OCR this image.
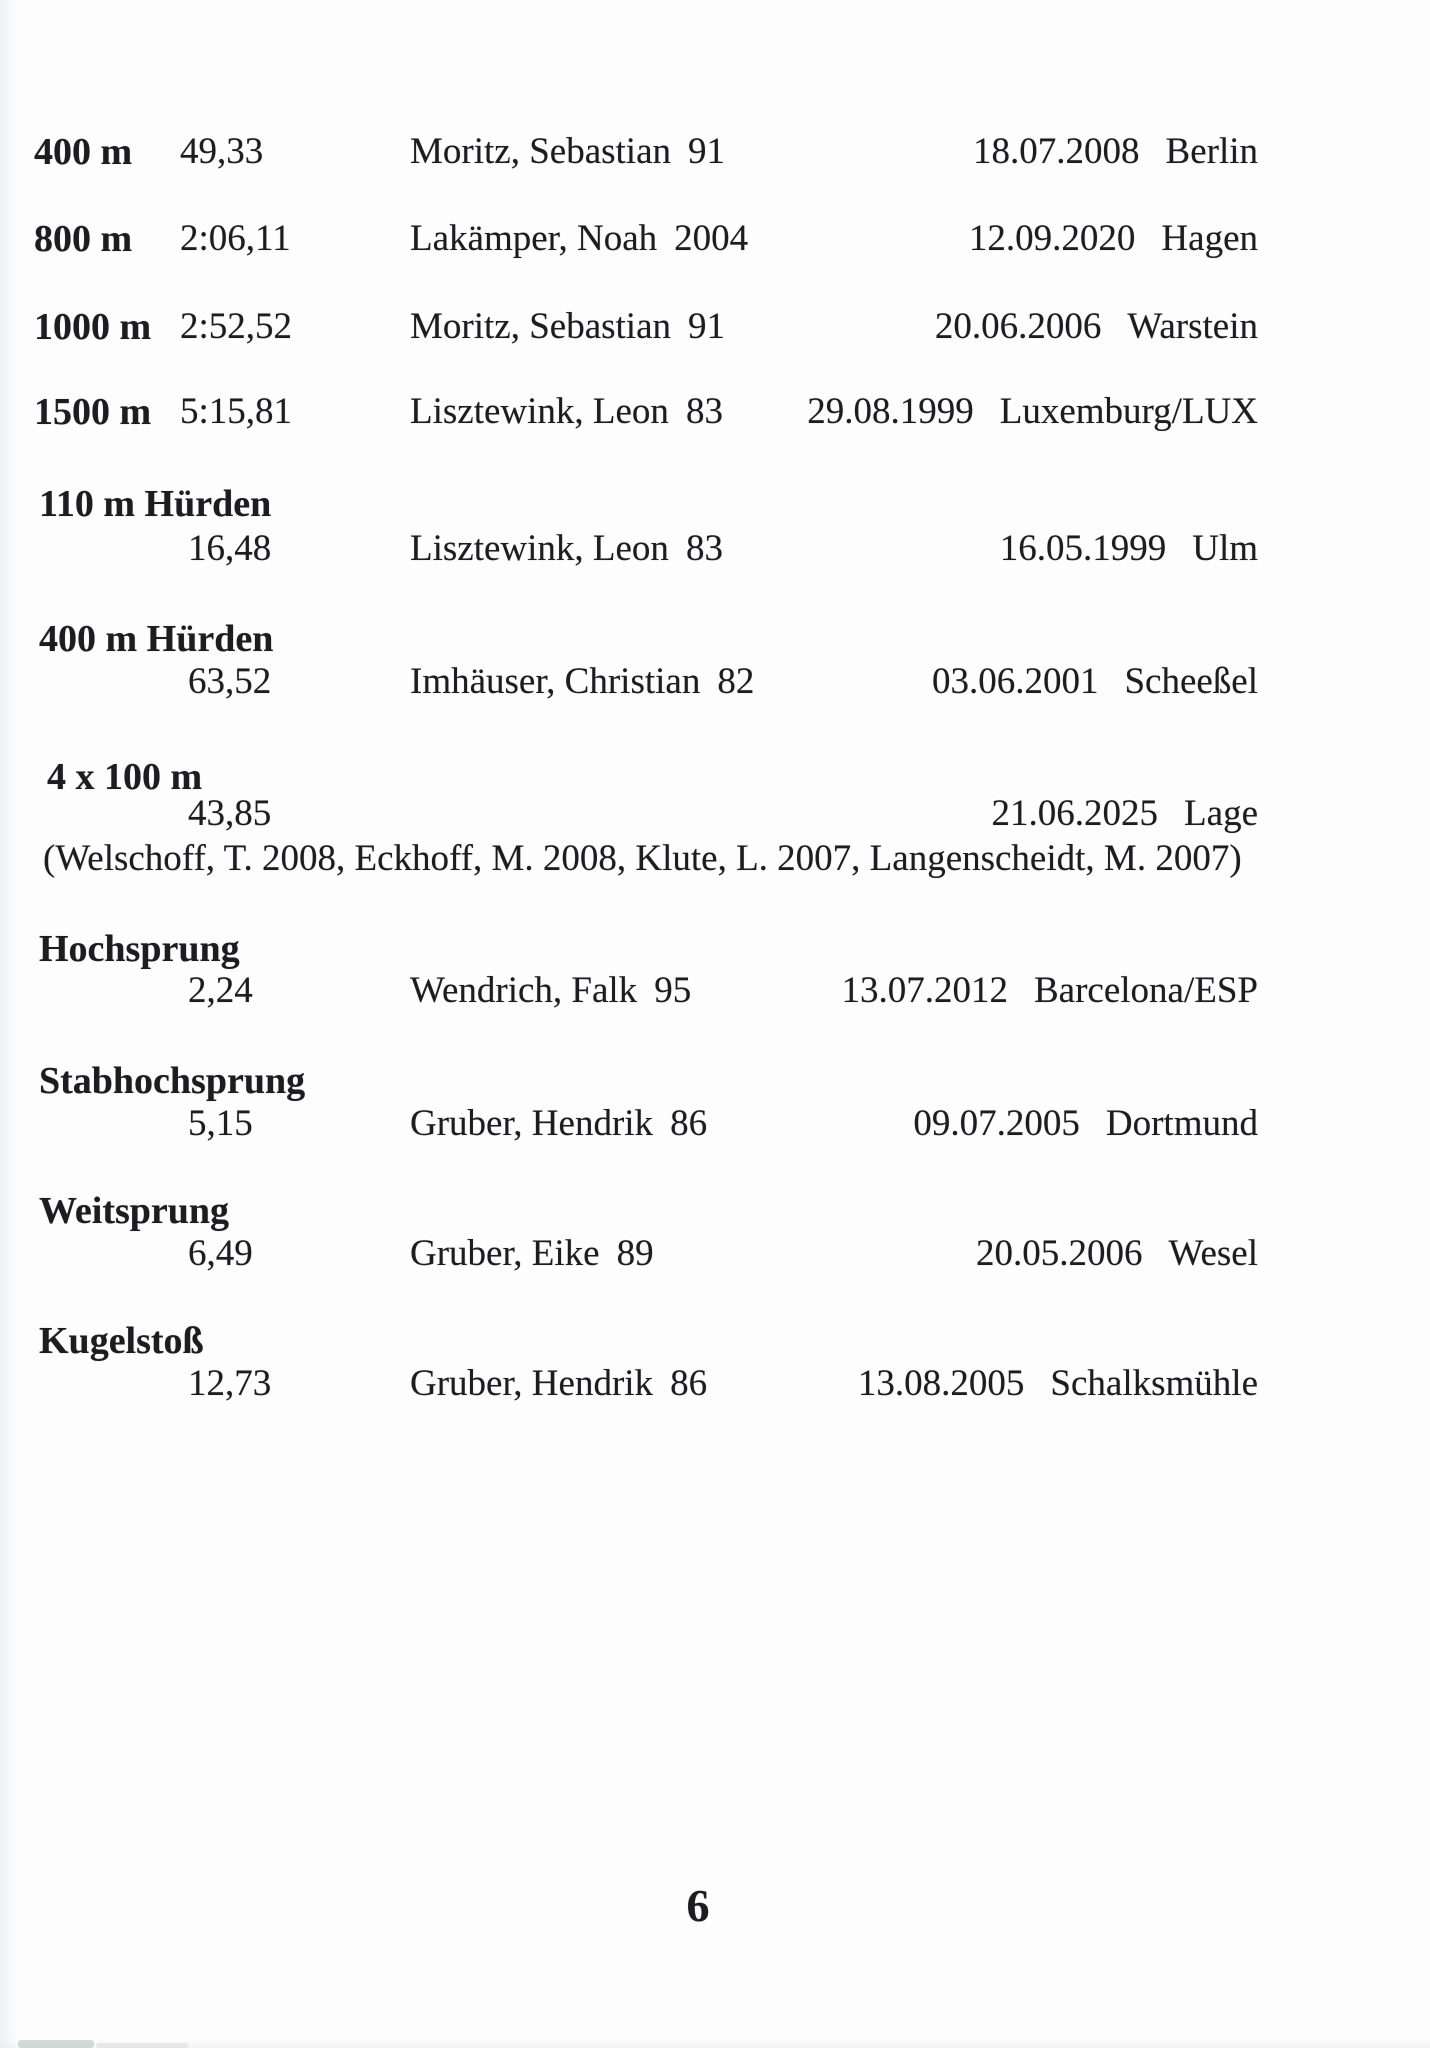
400 m 49,33	Moritz, Sebastian 91	18.07.2008 Berlin
800 m 2:06,11	Lakämper, Noah 2004	12.09.2020 Hagen
1000 m 2:52,52	Moritz, Sebastian 91	20.06.2006 Warstein
1500 m 5:15,81	Lisztewink, Leon 83 29.08.1999 Luxemburg/LUX
110 m Hürden
16,48	Lisztewink, Leon 83	16.05.1999 Ulm
400 m Hürden
63,52	Imhäuser, Christian 82	03.06.2001 Scheeßel
4 x 100 m
43,85	21.06.2025 Lage
(Welschoff, T. 2008, Eckhoff, M. 2008, Klute, L. 2007, Langenscheidt, M. 2007)
Hochsprung
2,24	Wendrich, Falk 95	13.07.2012 Barcelona/ESP
Stabhochsprung
5,15	Gruber, Hendrik 86	09.07.2005 Dortmund
Weitsprung
6,49	Gruber, Eike 89	20.05.2006 Wesel
Kugelstoß
12,73	Gruber, Hendrik 86	13.08.2005 Schalksmühle
6
